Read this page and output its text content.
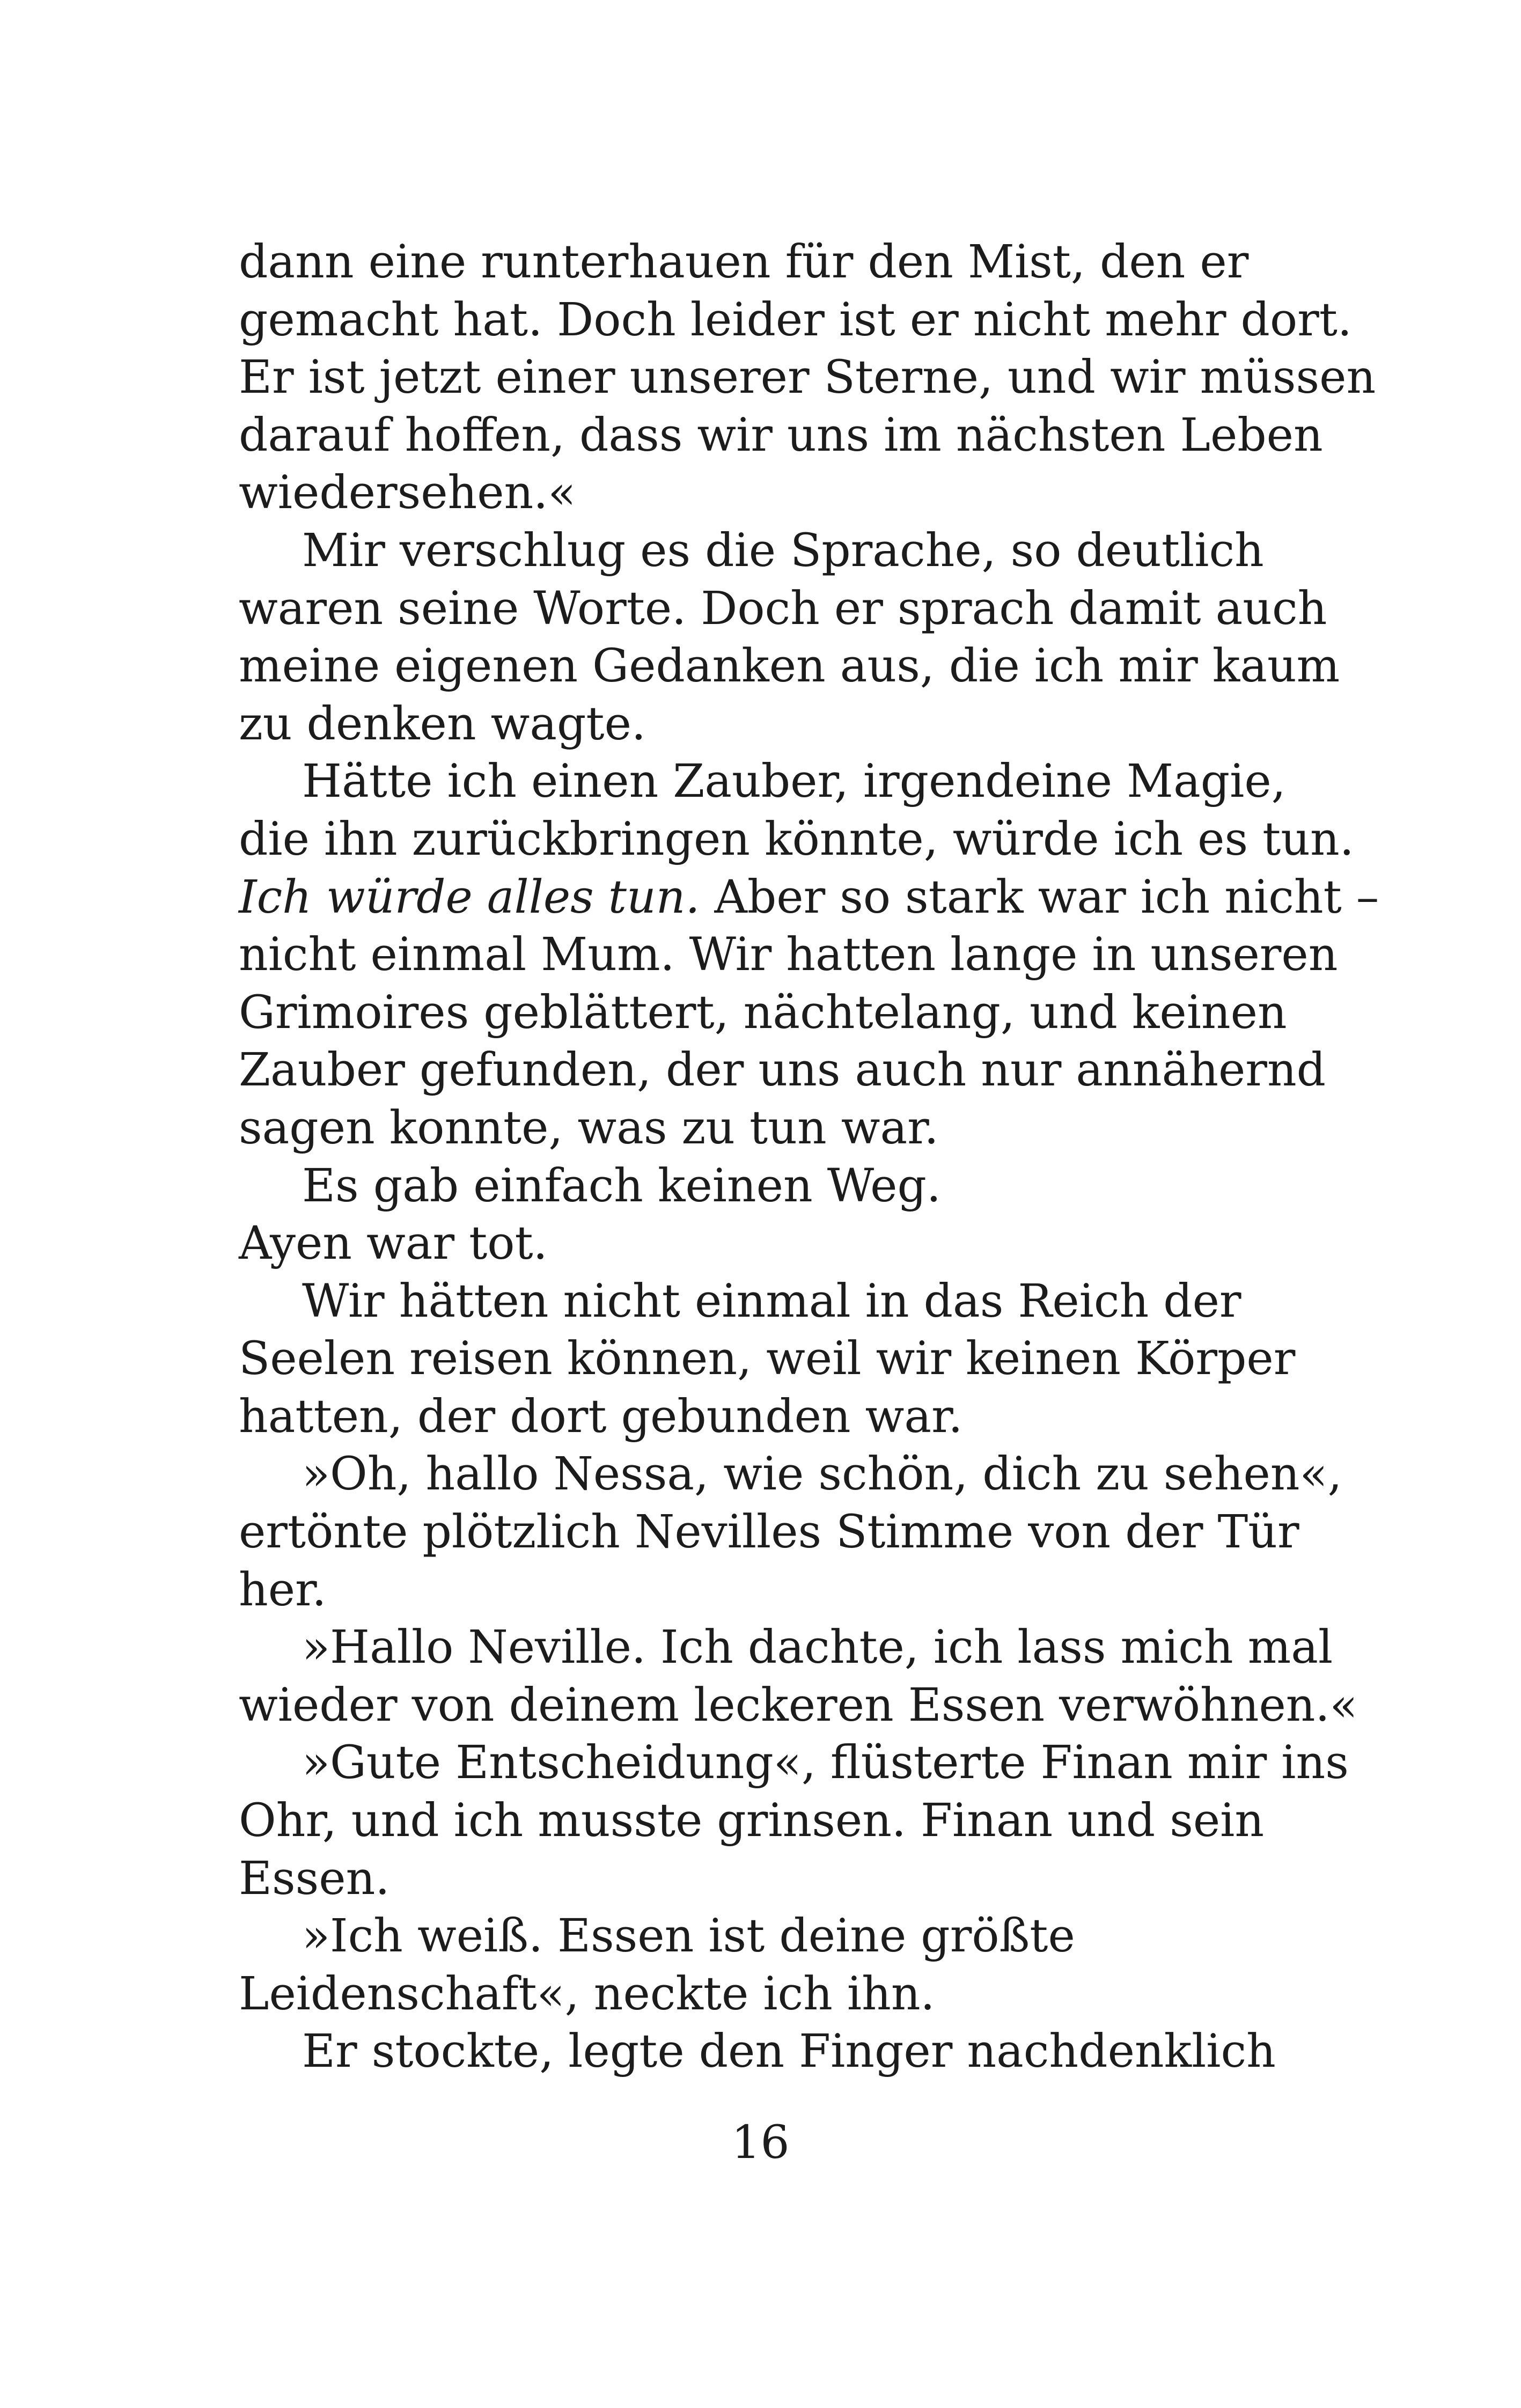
dann eine runterhauen für den Mist, den er
gemacht hat. Doch leider ist er nicht mehr dort.
Er ist jetzt einer unserer Sterne, und wir müssen
darauf hoffen, dass wir uns im nächsten Leben
wiedersehen.«
Mir verschlug es die Sprache, so deutlich
waren seine Worte. Doch er sprach damit auch
meine eigenen Gedanken aus, die ich mir kaum
zu denken wagte.
Hätte ich einen Zauber, irgendeine Magie,
die ihn zurückbringen könnte, würde ich es tun.
Ich würde alles tun. Aber so stark war ich nicht –
nicht einmal Mum. Wir hatten lange in unseren
Grimoires geblättert, nächtelang, und keinen
Zauber gefunden, der uns auch nur annähernd
sagen konnte, was zu tun war.
Es gab einfach keinen Weg.
Ayen war tot.
Wir hätten nicht einmal in das Reich der
Seelen reisen können, weil wir keinen Körper
hatten, der dort gebunden war.
»Oh, hallo Nessa, wie schön, dich zu sehen«,
ertönte plötzlich Nevilles Stimme von der Tür
her.
»Hallo Neville. Ich dachte, ich lass mich mal
wieder von deinem leckeren Essen verwöhnen.«
»Gute Entscheidung«, flüsterte Finan mir ins
Ohr, und ich musste grinsen. Finan und sein
Essen.
»Ich weiß. Essen ist deine größte
Leidenschaft«, neckte ich ihn.
Er stockte, legte den Finger nachdenklich
16
